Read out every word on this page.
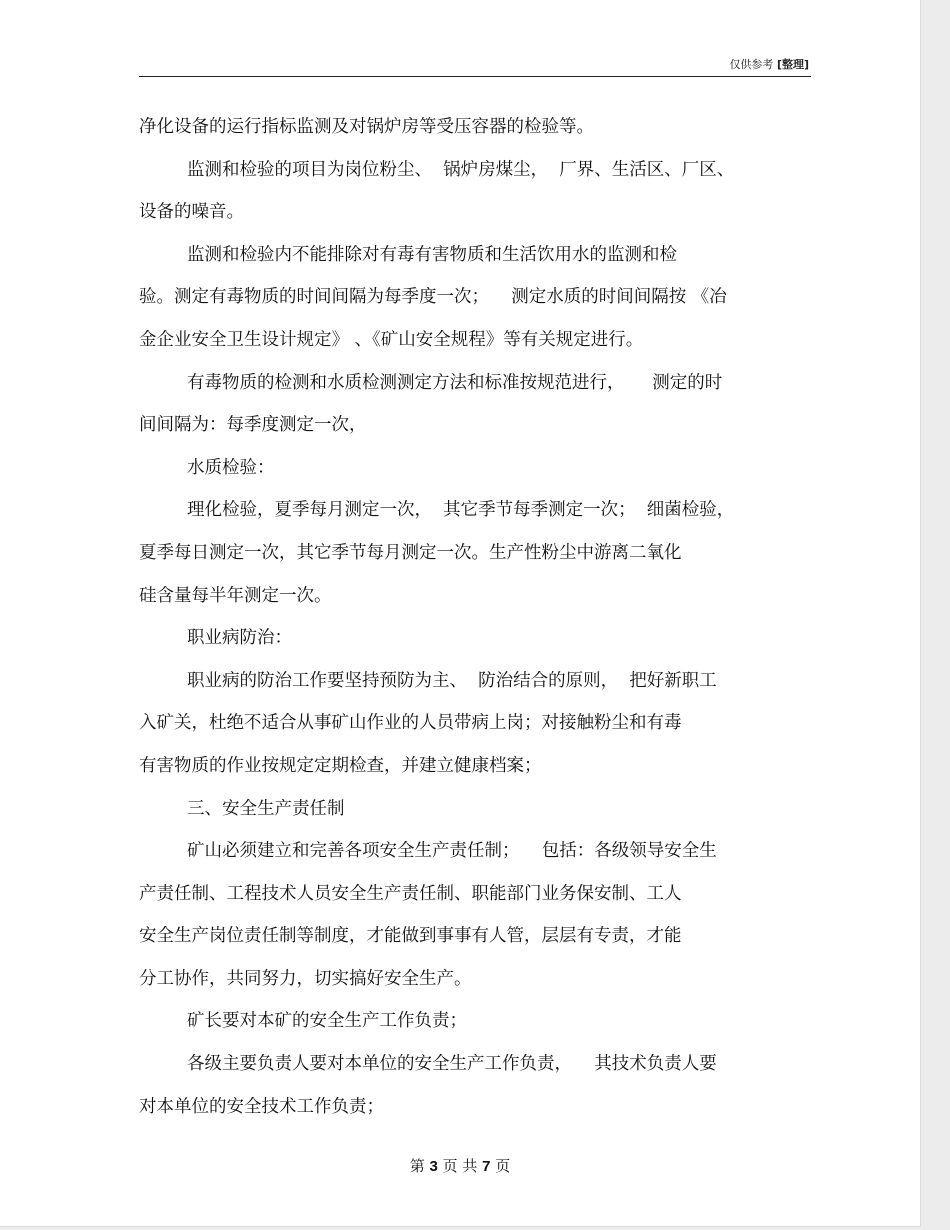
仅供参考 [整理]
净化设备的运行指标监测及对锅炉房等受压容器的检验等。
监测和检验的项目为岗位粉尘、  锅炉房煤尘，  厂界、生活区、厂区、
设备的噪音。
监测和检验内不能排除对有毒有害物质和生活饮用水的监测和检
验。测定有毒物质的时间间隔为每季度一次；    测定水质的时间间隔按 《冶
金企业安全卫生设计规定》 、《矿山安全规程》等有关规定进行。
有毒物质的检测和水质检测测定方法和标准按规范进行，     测定的时
间间隔为：每季度测定一次，
水质检验：
理化检验，夏季每月测定一次，  其它季节每季测定一次；  细菌检验，
夏季每日测定一次，其它季节每月测定一次。生产性粉尘中游离二氧化
硅含量每半年测定一次。
职业病防治：
职业病的防治工作要坚持预防为主、  防治结合的原则，  把好新职工
入矿关，杜绝不适合从事矿山作业的人员带病上岗；对接触粉尘和有毒
有害物质的作业按规定定期检查，并建立健康档案；
三、安全生产责任制
矿山必须建立和完善各项安全生产责任制；    包括：各级领导安全生
产责任制、工程技术人员安全生产责任制、职能部门业务保安制、工人
安全生产岗位责任制等制度，才能做到事事有人管，层层有专责，才能
分工协作，共同努力，切实搞好安全生产。
矿长要对本矿的安全生产工作负责；
各级主要负责人要对本单位的安全生产工作负责，    其技术负责人要
对本单位的安全技术工作负责；
第 3 页 共 7 页
